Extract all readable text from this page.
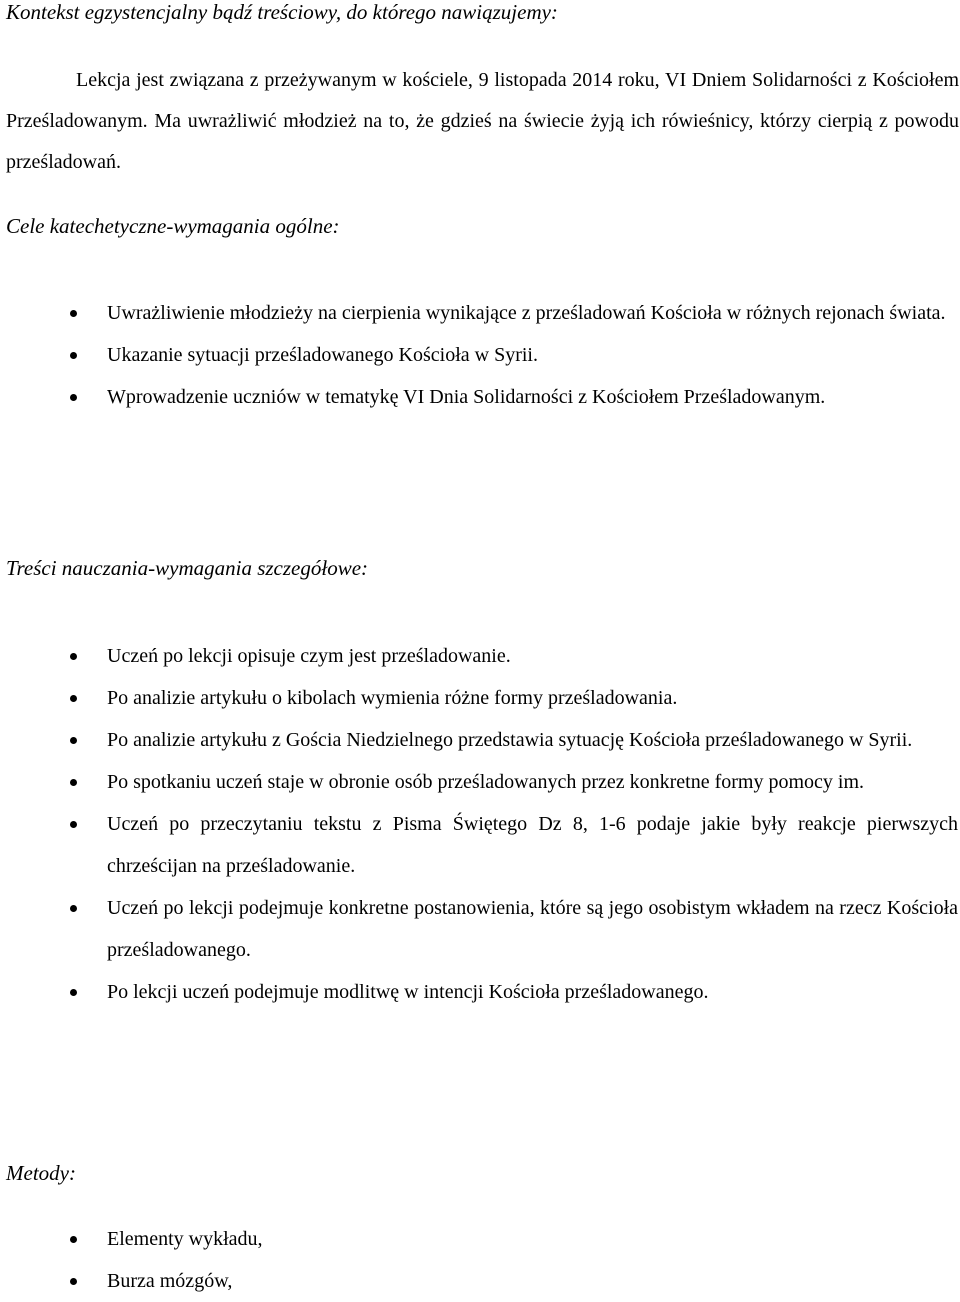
Kontekst egzystencjalny bądź treściowy, do którego nawiązujemy:

Lekcja jest związana z przeżywanym w kościele, 9 listopada 2014 roku, VI Dniem Solidarności z Kościołem Prześladowanym. Ma uwrażliwić młodzież na to, że gdzieś na świecie żyją ich rówieśnicy, którzy cierpią z powodu prześladowań.

Cele katechetyczne-wymagania ogólne:
Uwrażliwienie młodzieży na cierpienia wynikające z prześladowań Kościoła w różnych rejonach świata.
Ukazanie sytuacji prześladowanego Kościoła w Syrii.
Wprowadzenie uczniów w tematykę VI Dnia Solidarności z Kościołem Prześladowanym.
Treści nauczania-wymagania szczegółowe:
Uczeń po lekcji opisuje czym jest prześladowanie.
Po analizie artykułu o kibolach wymienia różne formy prześladowania.
Po analizie artykułu z Gościa Niedzielnego przedstawia sytuację Kościoła prześladowanego w Syrii.
Po spotkaniu uczeń staje w obronie osób prześladowanych przez konkretne formy pomocy im.
Uczeń po przeczytaniu tekstu z Pisma Świętego Dz 8, 1-6 podaje jakie były reakcje pierwszych chrześcijan na prześladowanie.
Uczeń po lekcji podejmuje konkretne postanowienia, które są jego osobistym wkładem na rzecz Kościoła prześladowanego.
Po lekcji uczeń podejmuje modlitwę w intencji Kościoła prześladowanego.
Metody:
Elementy wykładu,
Burza mózgów,
